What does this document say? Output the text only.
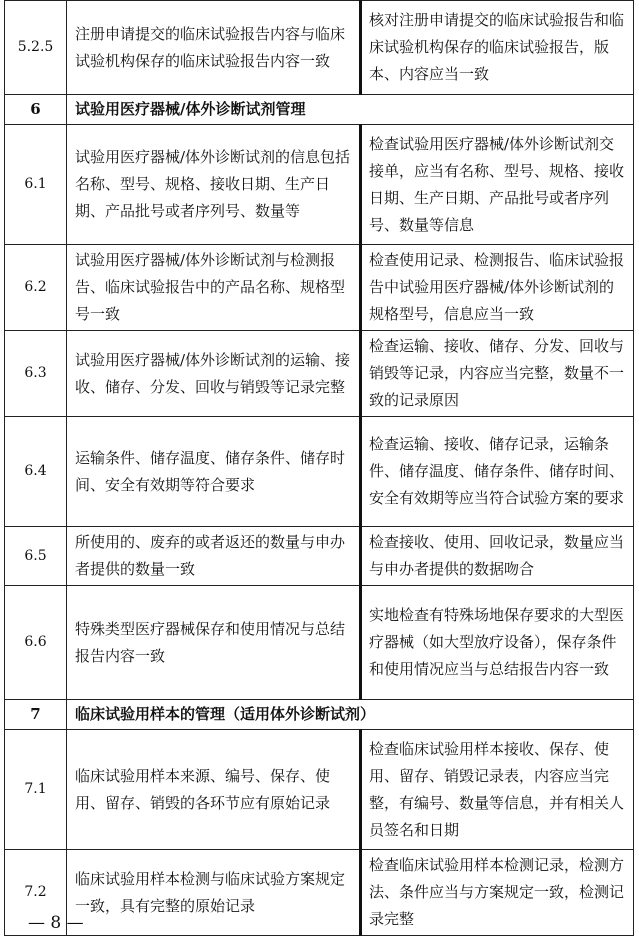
5.2.5	注册申请提交的临床试验报告内容与临床试验机构保存的临床试验报告内容一致	核对注册申请提交的临床试验报告和临床试验机构保存的临床试验报告，版本、内容应当一致
6	试验用医疗器械/体外诊断试剂管理	
6.1	试验用医疗器械/体外诊断试剂的信息包括名称、型号、规格、接收日期、生产日期、产品批号或者序列号、数量等	检查试验用医疗器械/体外诊断试剂交接单，应当有名称、型号、规格、接收日期、生产日期、产品批号或者序列号、数量等信息
6.2	试验用医疗器械/体外诊断试剂与检测报告、临床试验报告中的产品名称、规格型号一致	检查使用记录、检测报告、临床试验报告中试验用医疗器械/体外诊断试剂的规格型号，信息应当一致
6.3	试验用医疗器械/体外诊断试剂的运输、接收、储存、分发、回收与销毁等记录完整	检查运输、接收、储存、分发、回收与销毁等记录，内容应当完整，数量不一致的记录原因
6.4	运输条件、储存温度、储存条件、储存时间、安全有效期等符合要求	检查运输、接收、储存记录，运输条件、储存温度、储存条件、储存时间、安全有效期等应当符合试验方案的要求
6.5	所使用的、废弃的或者返还的数量与申办者提供的数量一致	检查接收、使用、回收记录，数量应当与申办者提供的数据吻合
6.6	特殊类型医疗器械保存和使用情况与总结报告内容一致	实地检查有特殊场地保存要求的大型医疗器械（如大型放疗设备），保存条件和使用情况应当与总结报告内容一致
7	临床试验用样本的管理（适用体外诊断试剂）	
7.1	临床试验用样本来源、编号、保存、使用、留存、销毁的各环节应有原始记录	检查临床试验用样本接收、保存、使用、留存、销毁记录表，内容应当完整，有编号、数量等信息，并有相关人员签名和日期
7.2	临床试验用样本检测与临床试验方案规定一致，具有完整的原始记录	检查临床试验用样本检测记录，检测方法、条件应当与方案规定一致，检测记录完整
— 8 —
